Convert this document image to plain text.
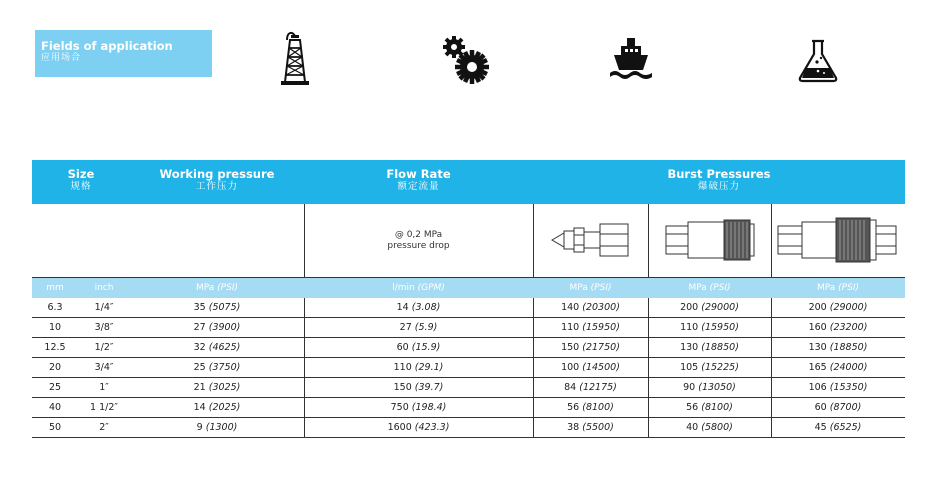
Fields of application
应用场合
Size
规格
Working pressure
工作压力
Flow Rate
额定流量
Burst Pressures
爆破压力
@ 0,2 MPa
pressure drop
mm	inch	MPa (PSI)	l/min (GPM)	MPa (PSI)	MPa (PSI)	MPa (PSI)
6.3	1/4″	35 (5075)	14 (3.08)	140 (20300)	200 (29000)	200 (29000)
10	3/8″	27 (3900)	27 (5.9)	110 (15950)	110 (15950)	160 (23200)
12.5	1/2″	32 (4625)	60 (15.9)	150 (21750)	130 (18850)	130 (18850)
20	3/4″	25 (3750)	110 (29.1)	100 (14500)	105 (15225)	165 (24000)
25	1″	21 (3025)	150 (39.7)	84 (12175)	90 (13050)	106 (15350)
40	1 1/2″	14 (2025)	750 (198.4)	56 (8100)	56 (8100)	60 (8700)
50	2″	9 (1300)	1600 (423.3)	38 (5500)	40 (5800)	45 (6525)
